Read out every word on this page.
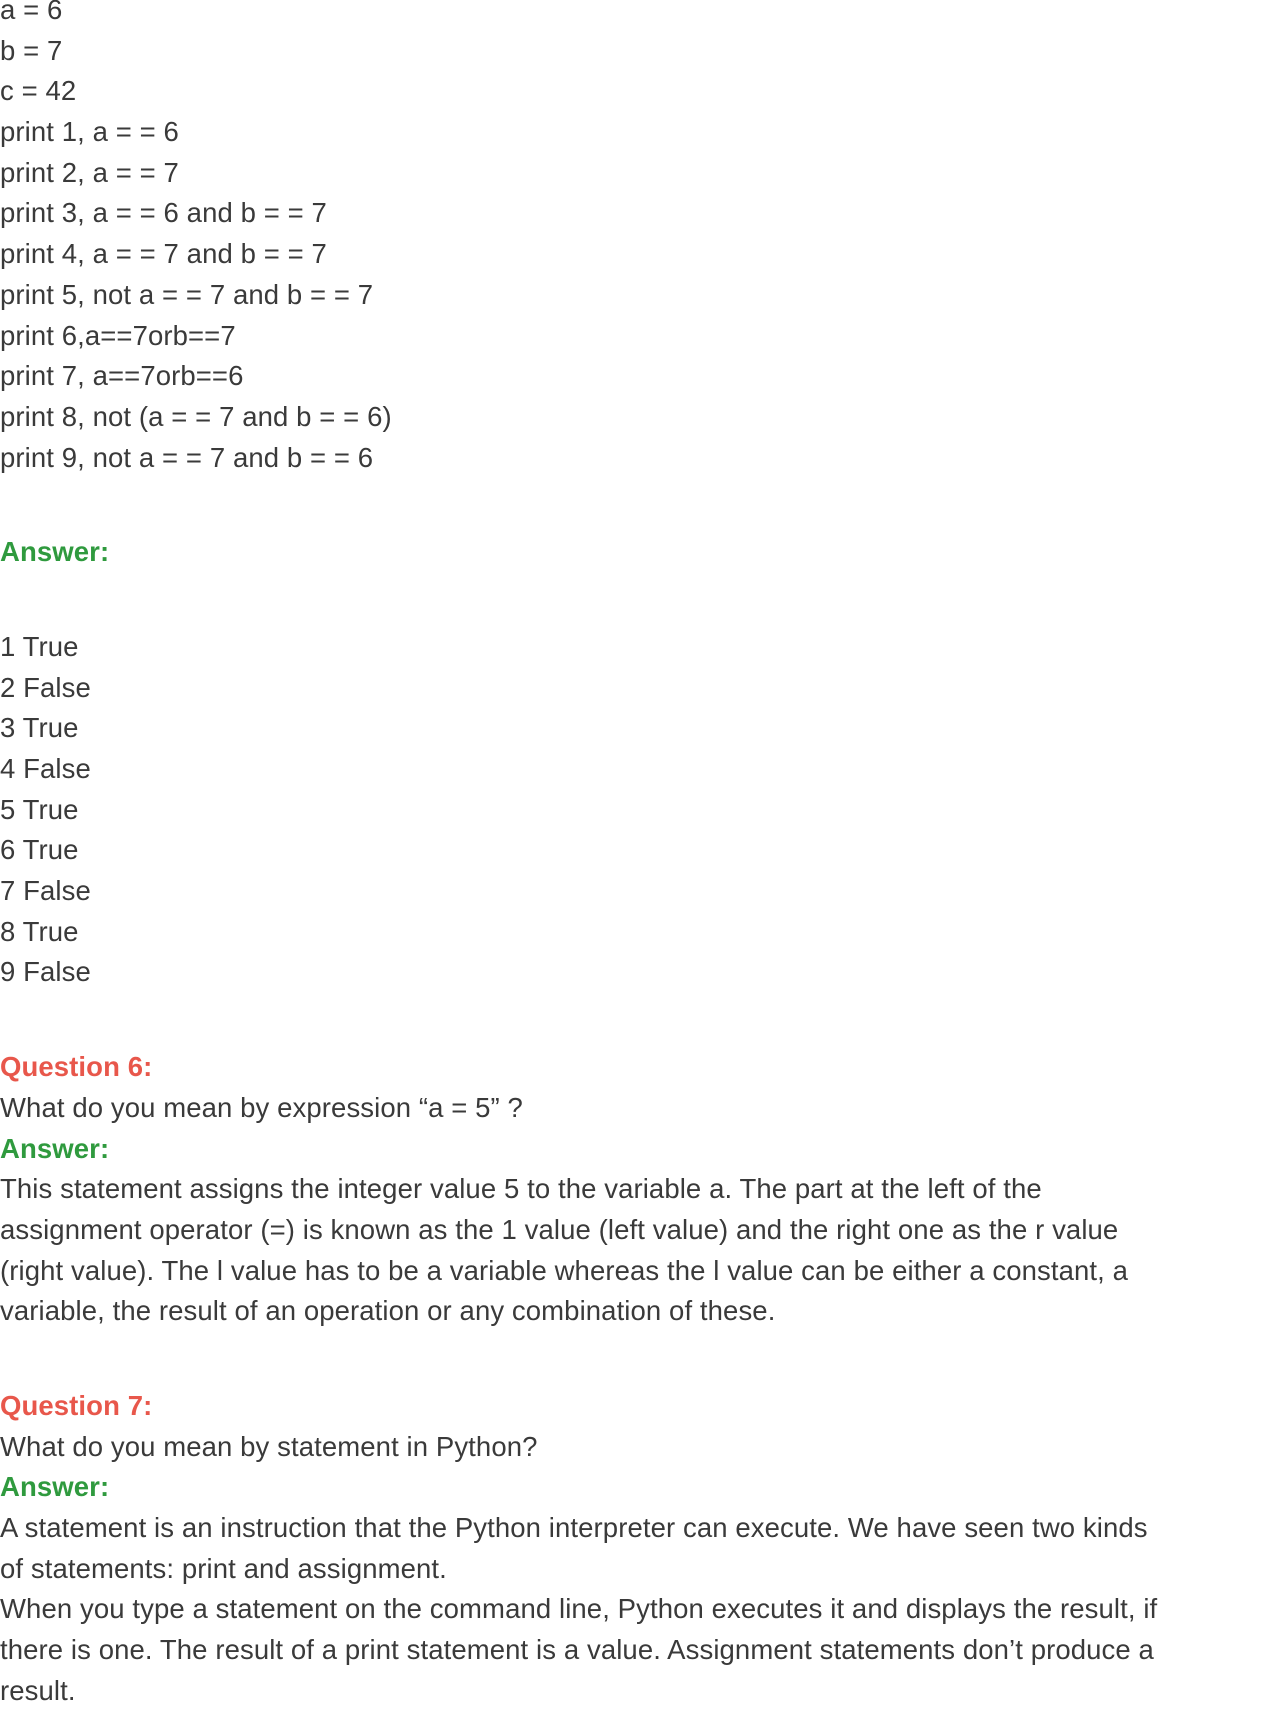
a = 6
b = 7
c = 42
print 1, a = = 6
print 2, a = = 7
print 3, a = = 6 and b = = 7
print 4, a = = 7 and b = = 7
print 5, not a = = 7 and b = = 7
print 6,a==7orb==7
print 7, a==7orb==6
print 8, not (a = = 7 and b = = 6)
print 9, not a = = 7 and b = = 6
Answer:
1 True
2 False
3 True
4 False
5 True
6 True
7 False
8 True
9 False
Question 6:
What do you mean by expression “a = 5” ?
Answer:
This statement assigns the integer value 5 to the variable a. The part at the left of the
assignment operator (=) is known as the 1 value (left value) and the right one as the r value
(right value). The l value has to be a variable whereas the l value can be either a constant, a
variable, the result of an operation or any combination of these.
Question 7:
What do you mean by statement in Python?
Answer:
A statement is an instruction that the Python interpreter can execute. We have seen two kinds
of statements: print and assignment.
When you type a statement on the command line, Python executes it and displays the result, if
there is one. The result of a print statement is a value. Assignment statements don’t produce a
result.
